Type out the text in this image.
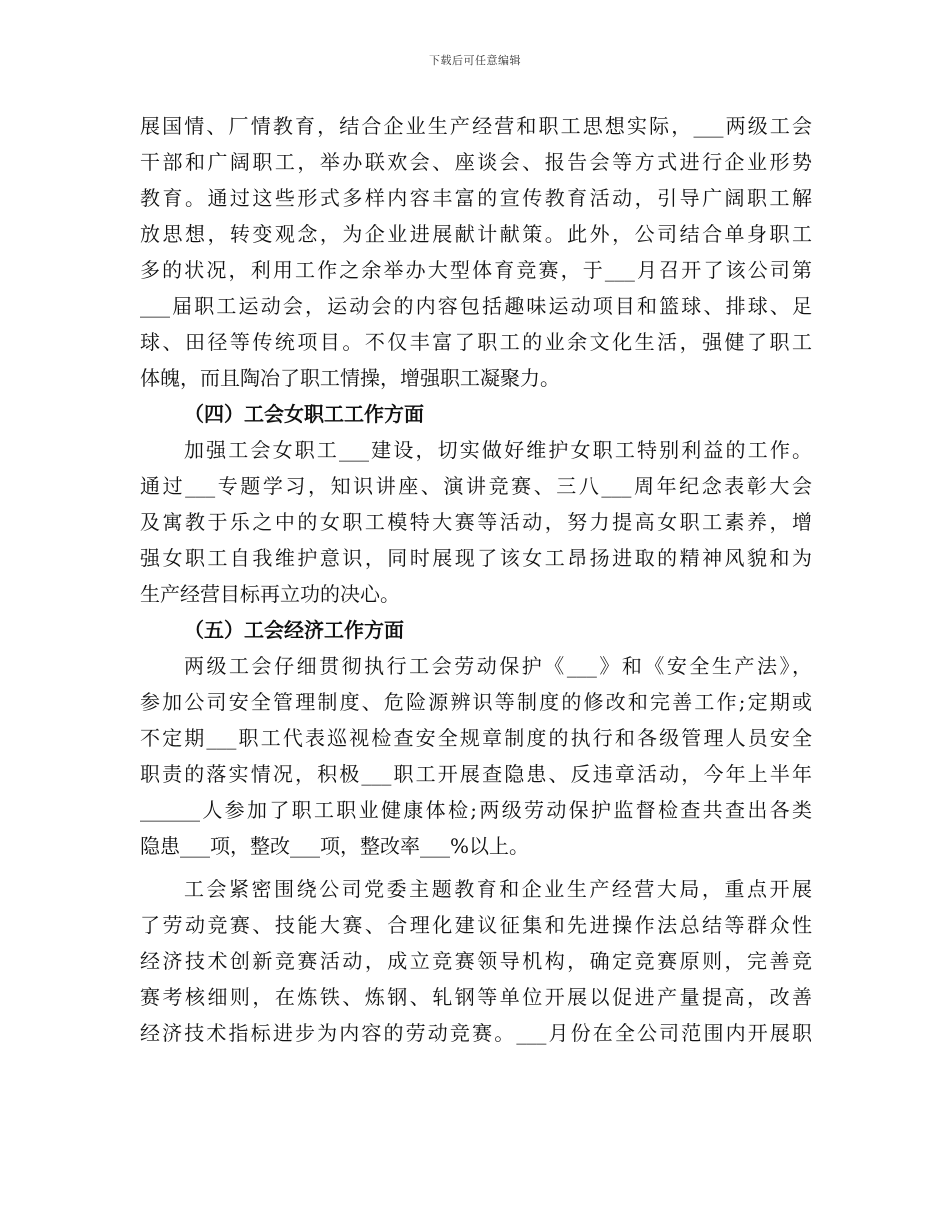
下载后可任意编辑
展国情、厂情教育，结合企业生产经营和职工思想实际，___两级工会
干部和广阔职工，举办联欢会、座谈会、报告会等方式进行企业形势
教育。通过这些形式多样内容丰富的宣传教育活动，引导广阔职工解
放思想，转变观念，为企业进展献计献策。此外，公司结合单身职工
多的状况，利用工作之余举办大型体育竞赛，于___月召开了该公司第
___届职工运动会，运动会的内容包括趣味运动项目和篮球、排球、足
球、田径等传统项目。不仅丰富了职工的业余文化生活，强健了职工
体魄，而且陶冶了职工情操，增强职工凝聚力。
（四）工会女职工工作方面
加强工会女职工___建设，切实做好维护女职工特别利益的工作。
通过___专题学习，知识讲座、演讲竞赛、三八___周年纪念表彰大会
及寓教于乐之中的女职工模特大赛等活动，努力提高女职工素养，增
强女职工自我维护意识，同时展现了该女工昂扬进取的精神风貌和为
生产经营目标再立功的决心。
（五）工会经济工作方面
两级工会仔细贯彻执行工会劳动保护《___》和《安全生产法》，
参加公司安全管理制度、危险源辨识等制度的修改和完善工作;定期或
不定期___职工代表巡视检查安全规章制度的执行和各级管理人员安全
职责的落实情况，积极___职工开展查隐患、反违章活动，今年上半年
______人参加了职工职业健康体检;两级劳动保护监督检查共查出各类
隐患___项，整改___项，整改率___%以上。
工会紧密围绕公司党委主题教育和企业生产经营大局，重点开展
了劳动竞赛、技能大赛、合理化建议征集和先进操作法总结等群众性
经济技术创新竞赛活动，成立竞赛领导机构，确定竞赛原则，完善竞
赛考核细则，在炼铁、炼钢、轧钢等单位开展以促进产量提高，改善
经济技术指标进步为内容的劳动竞赛。___月份在全公司范围内开展职
